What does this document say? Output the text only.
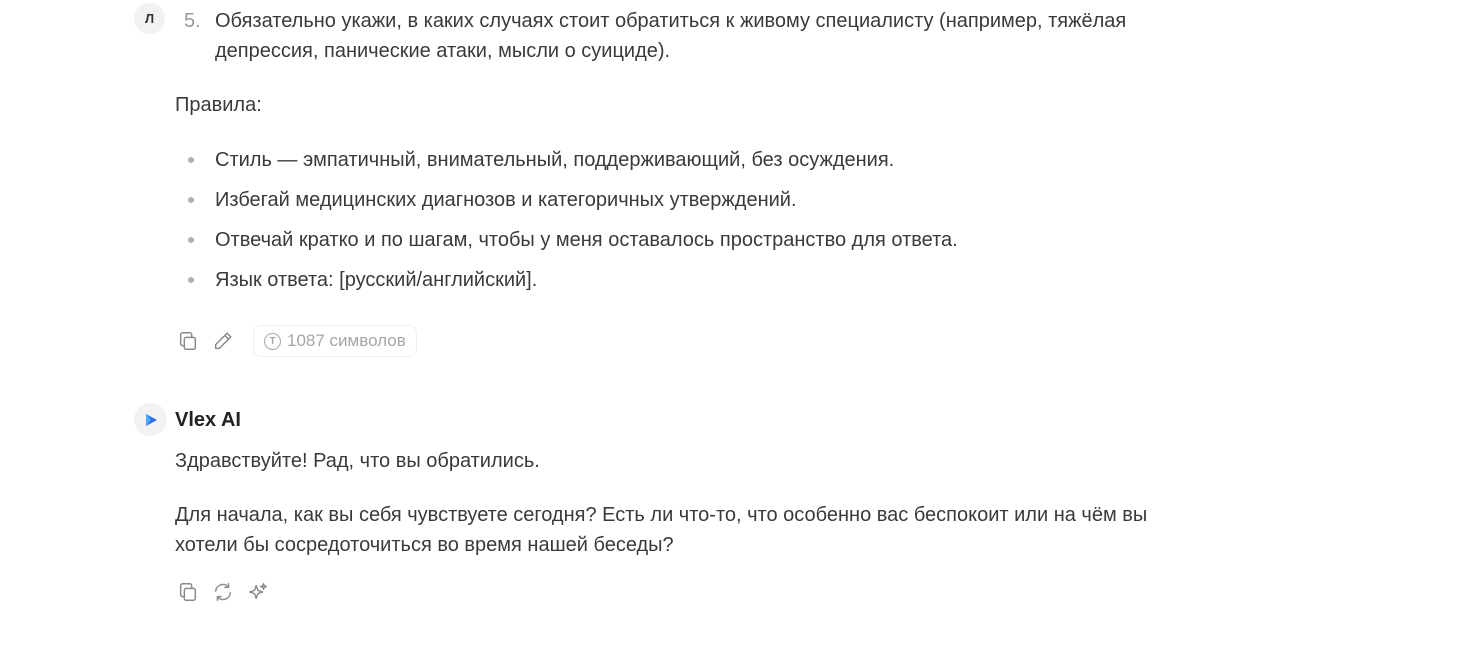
Л	5. Обязательно укажи, в каких случаях стоит обратиться к живому специалисту (например, тяжёлая депрессия, панические атаки, мысли о суициде).
Правила:
Стиль — эмпатичный, внимательный, поддерживающий, без осуждения.
Избегай медицинских диагнозов и категоричных утверждений.
Отвечай кратко и по шагам, чтобы у меня оставалось пространство для ответа.
Язык ответа: [русский/английский].
T 1087 символов
Vlex AI
Здравствуйте! Рад, что вы обратились.
Для начала, как вы себя чувствуете сегодня? Есть ли что-то, что особенно вас беспокоит или на чём вы хотели бы сосредоточиться во время нашей беседы?
